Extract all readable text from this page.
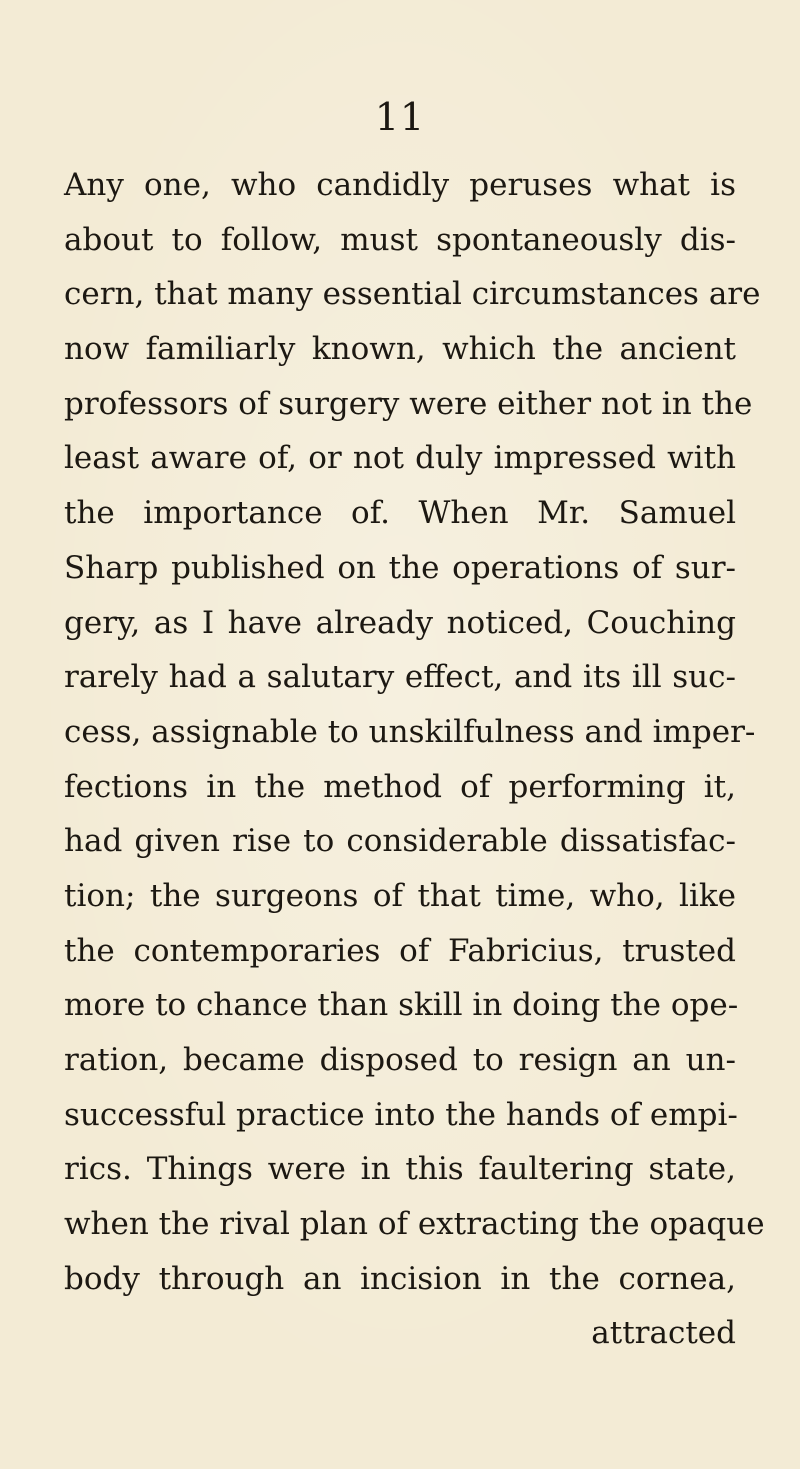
11
Any one, who candidly peruses what is
about to follow, must spontaneously dis-
cern, that many essential circumstances are
now familiarly known, which the ancient
professors of surgery were either not in the
least aware of, or not duly impressed with
the importance of. When Mr. Samuel
Sharp published on the operations of sur-
gery, as I have already noticed, Couching
rarely had a salutary effect, and its ill suc-
cess, assignable to unskilfulness and imper-
fections in the method of performing it,
had given rise to considerable dissatisfac-
tion; the surgeons of that time, who, like
the contemporaries of Fabricius, trusted
more to chance than skill in doing the ope-
ration, became disposed to resign an un-
successful practice into the hands of empi-
rics. Things were in this faultering state,
when the rival plan of extracting the opaque
body through an incision in the cornea,
attracted
